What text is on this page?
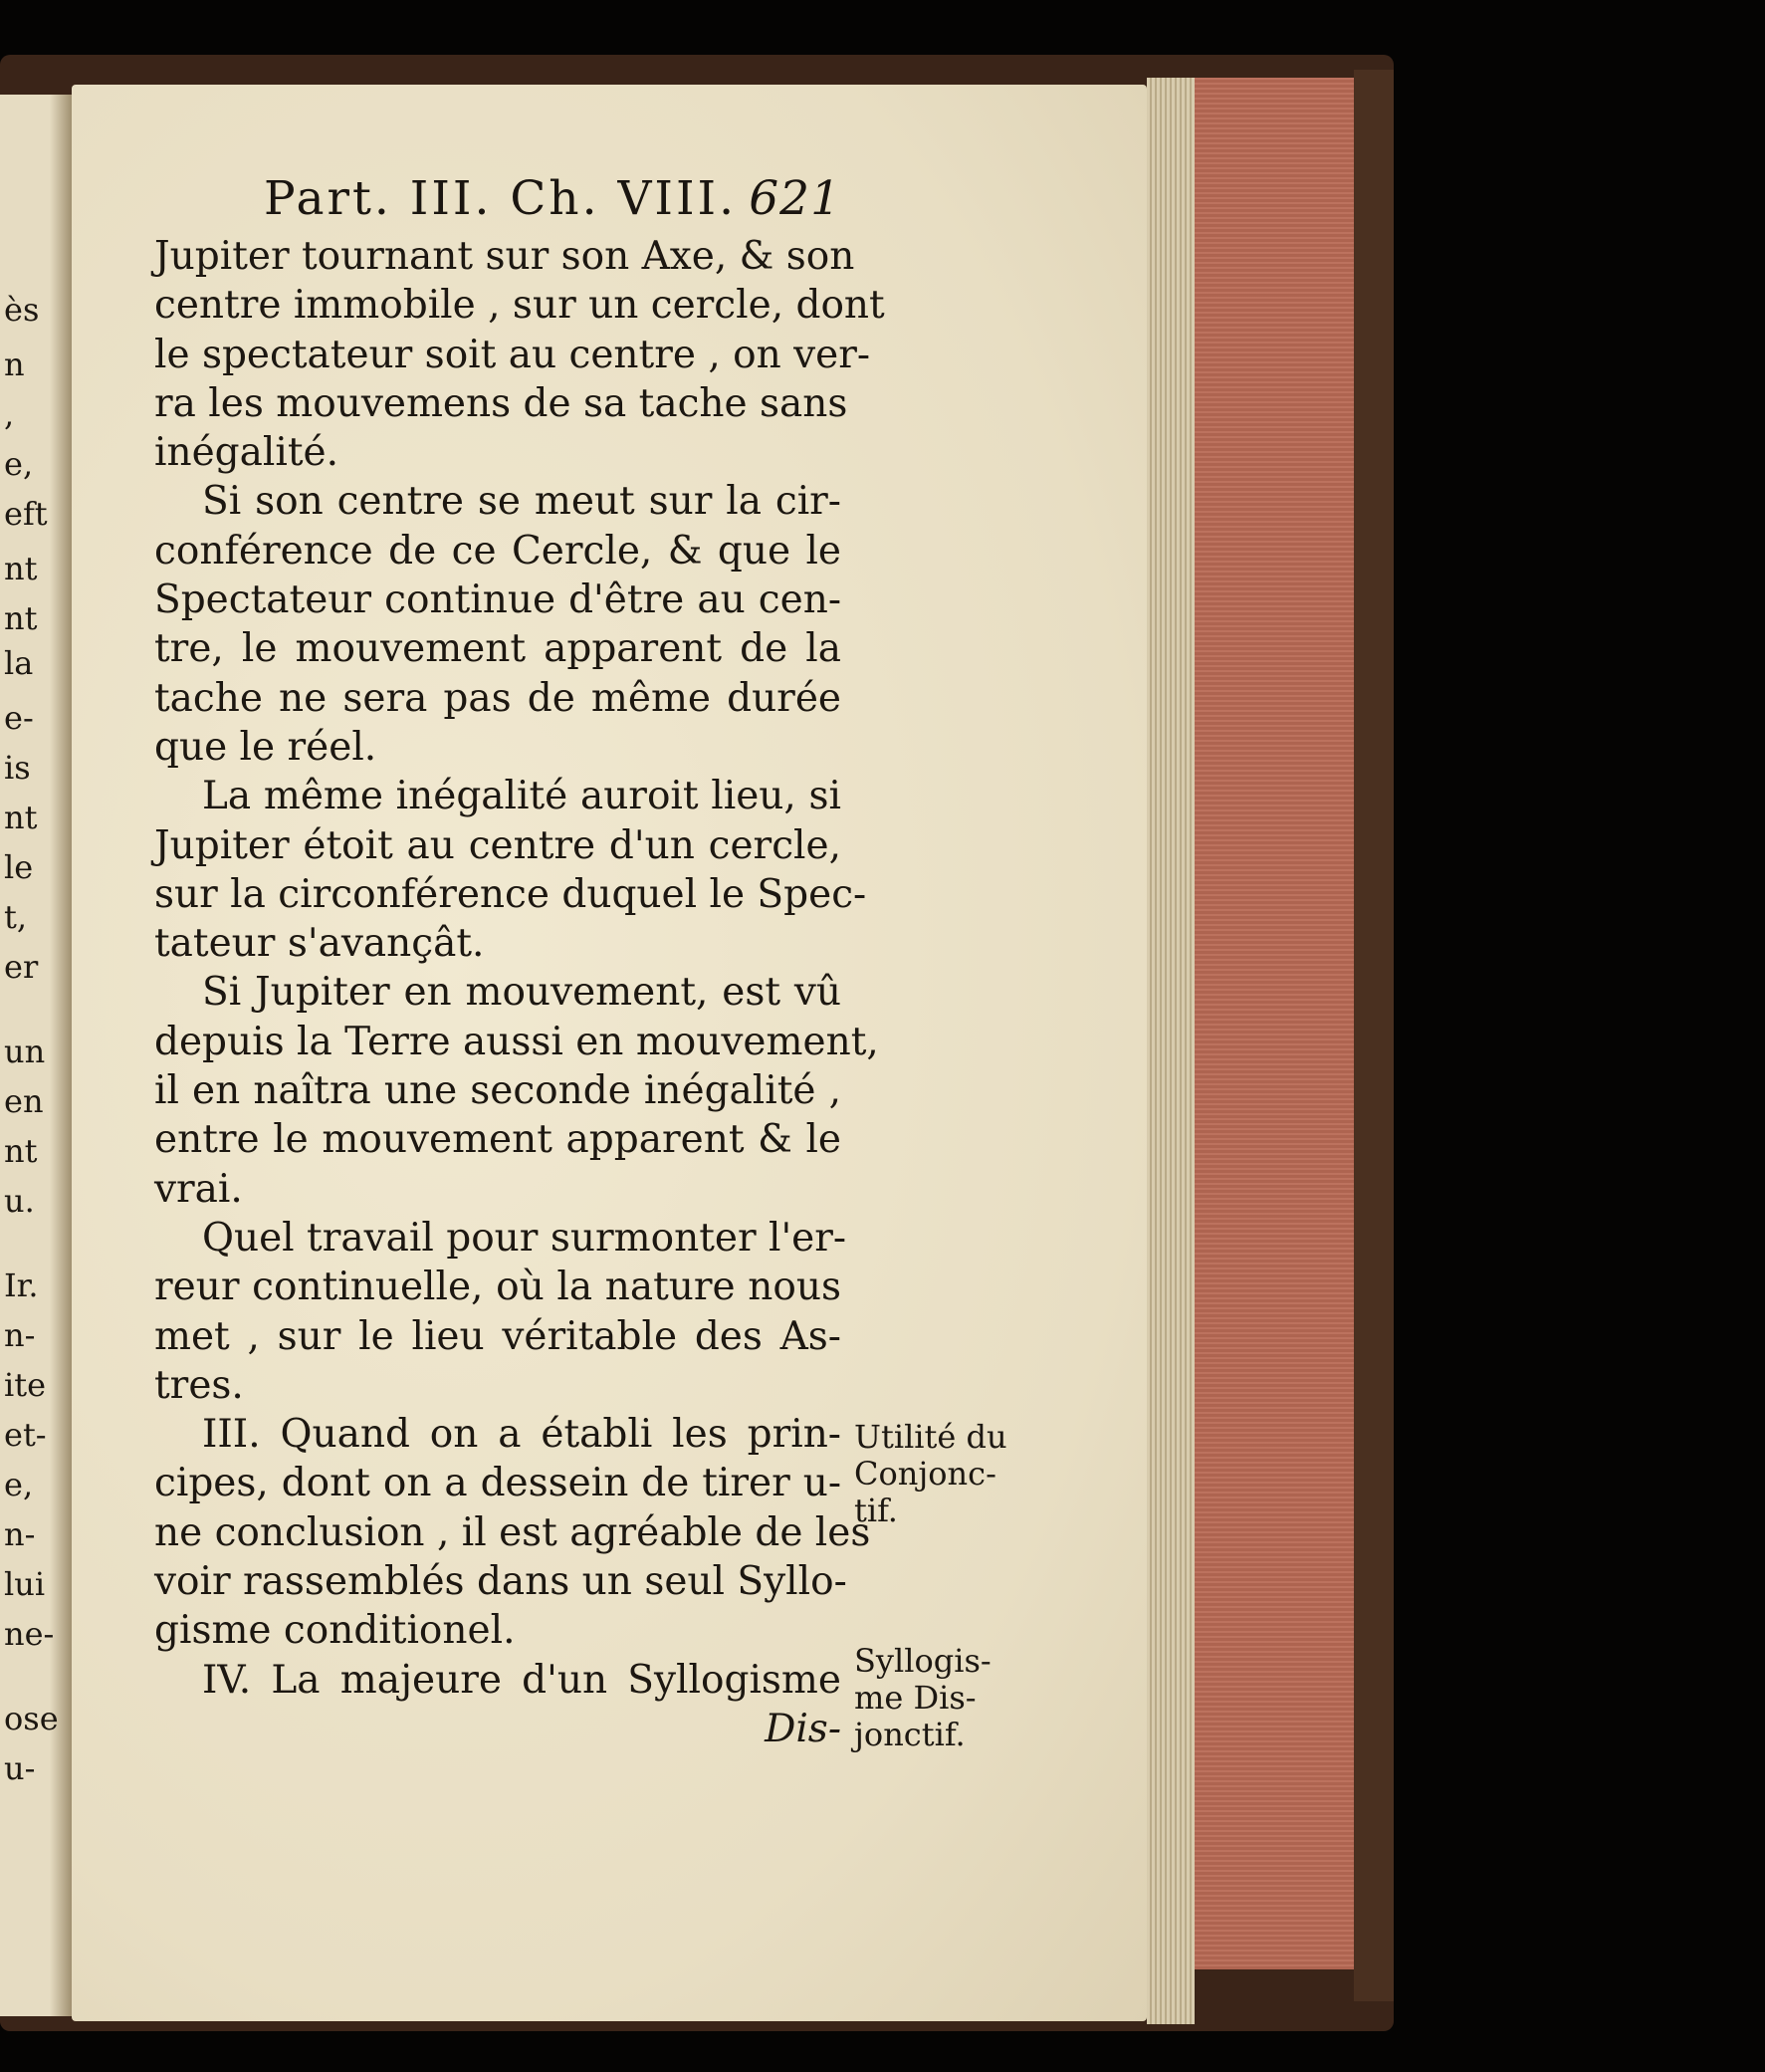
ès
n
,
e,
eft
nt
nt
la
e-
is
nt
le
t,
er
un
en
nt
u.
Ir.
n-
ite
et-
e,
n-
lui
ne-
ose
u-
Part. III. Ch. VIII. 621
Jupiter tournant sur son Axe, & son
centre immobile , sur un cercle, dont
le spectateur soit au centre , on ver-
ra les mouvemens de sa tache sans
inégalité.
Si son centre se meut sur la cir-
conférence de ce Cercle, & que le
Spectateur continue d'être au cen-
tre, le mouvement apparent de la
tache ne sera pas de même durée
que le réel.
La même inégalité auroit lieu, si
Jupiter étoit au centre d'un cercle,
sur la circonférence duquel le Spec-
tateur s'avançât.
Si Jupiter en mouvement, est vû
depuis la Terre aussi en mouvement,
il en naîtra une seconde inégalité ,
entre le mouvement apparent & le
vrai.
Quel travail pour surmonter l'er-
reur continuelle, où la nature nous
met , sur le lieu véritable des As-
tres.
III. Quand on a établi les prin-
cipes, dont on a dessein de tirer u-
ne conclusion , il est agréable de les
voir rassemblés dans un seul Syllo-
gisme conditionel.
IV. La majeure d'un Syllogisme
Dis-
Utilité du
Conjonc-
tif.
Syllogis-
me Dis-
jonctif.
